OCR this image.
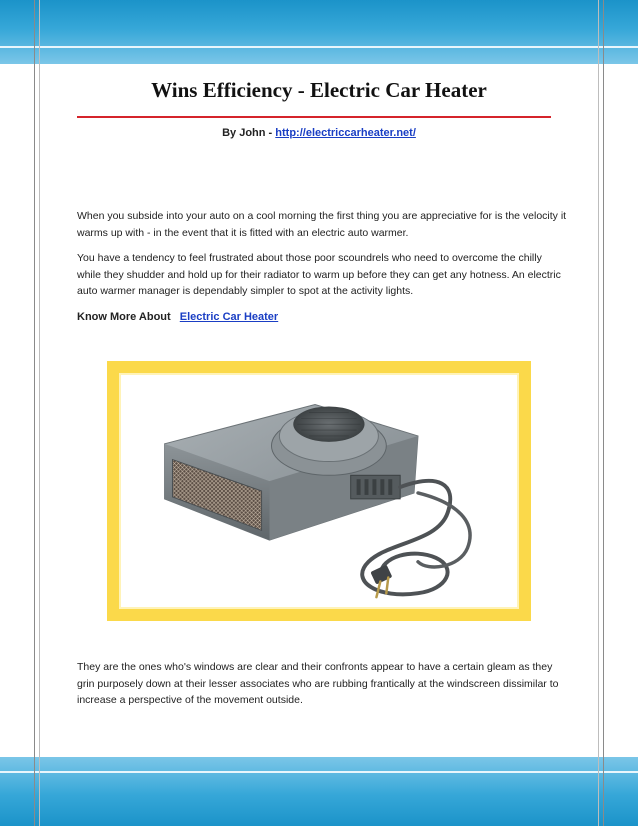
Wins Efficiency - Electric Car Heater
By John - http://electriccarheater.net/

When you subside into your auto on a cool morning the first thing you are appreciative for is the velocity it warms up with - in the event that it is fitted with an electric auto warmer.

You have a tendency to feel frustrated about those poor scoundrels who need to overcome the chilly while they shudder and hold up for their radiator to warm up before they can get any hotness. An electric auto warmer manager is dependably simpler to spot at the activity lights.

Know More About Electric Car Heater

They are the ones who's windows are clear and their confronts appear to have a certain gleam as they grin purposely down at their lesser associates who are rubbing frantically at the windscreen dissimilar to increase a perspective of the movement outside.
